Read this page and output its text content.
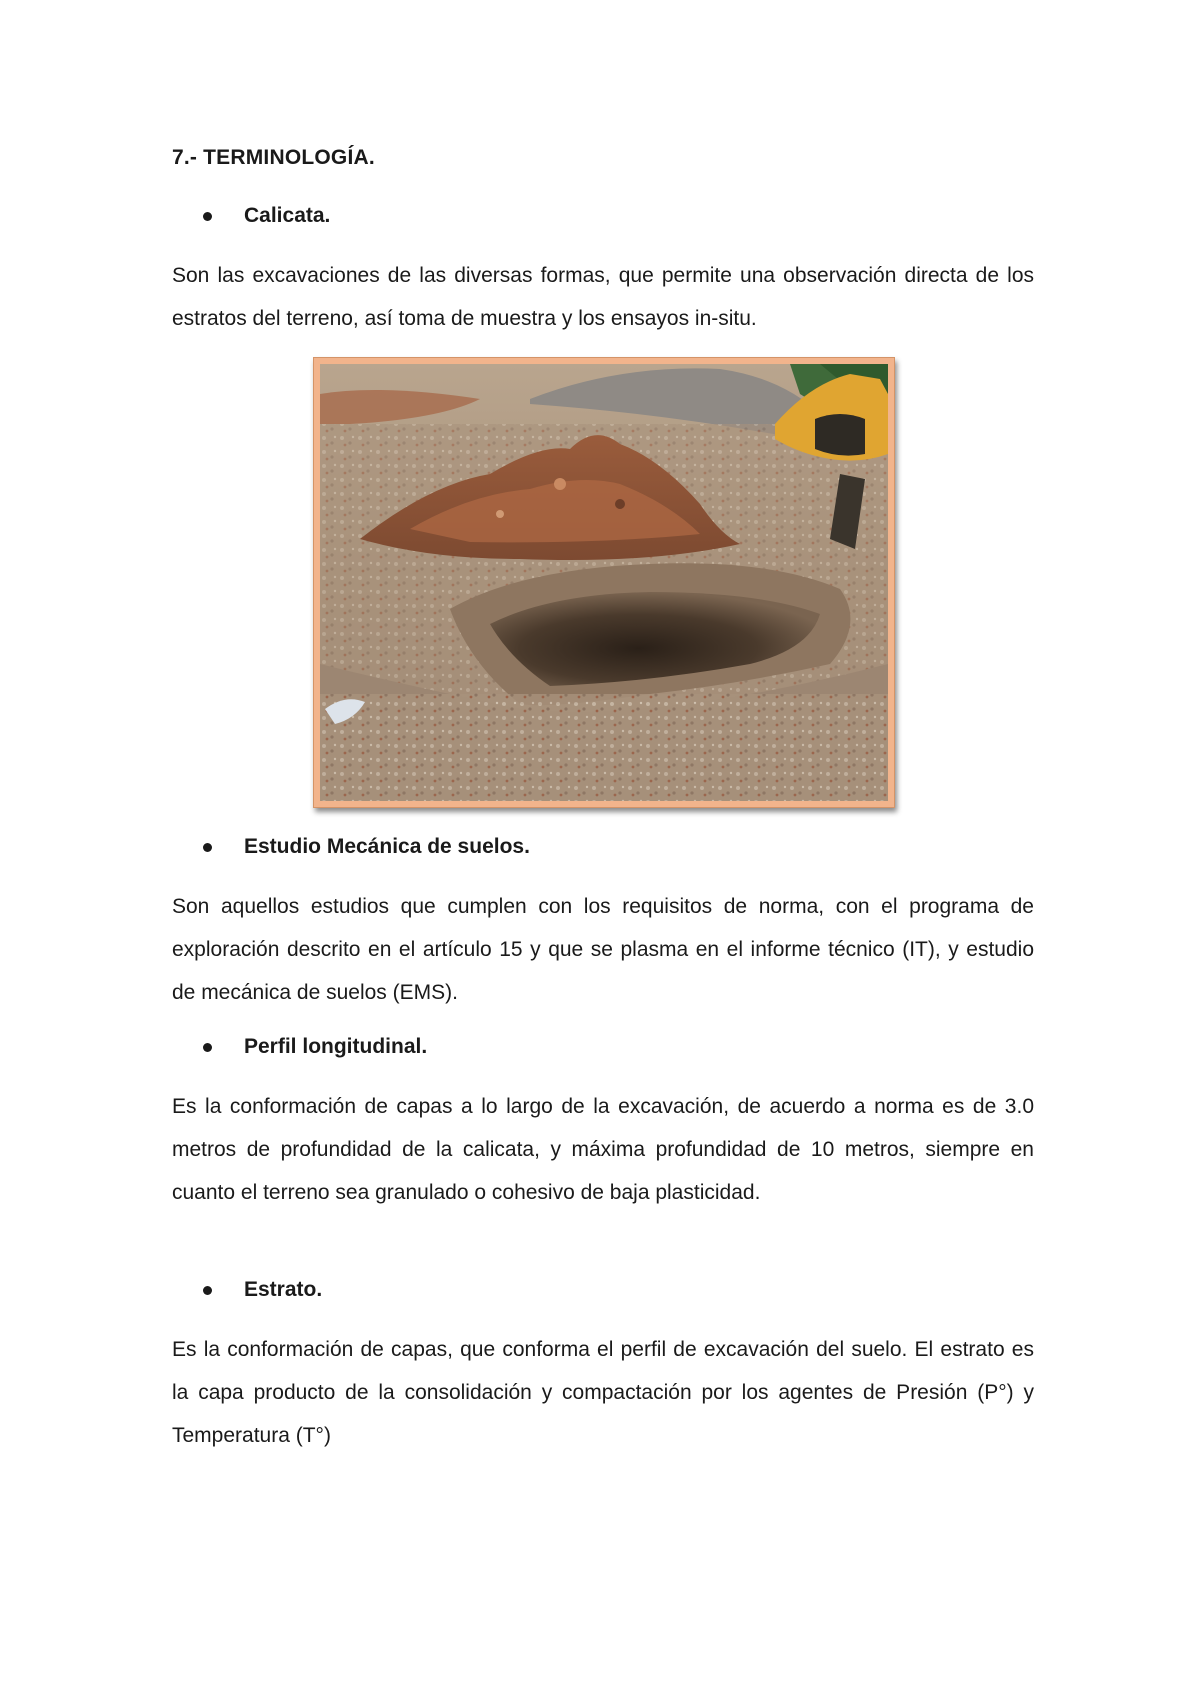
7.- TERMINOLOGÍA.
Calicata.
Son las excavaciones de las diversas formas, que permite una observación directa de los estratos del terreno, así toma de muestra y los ensayos in-situ.
Estudio Mecánica de suelos.
Son aquellos estudios que cumplen con los requisitos de norma, con el programa de exploración descrito en el artículo 15 y que se plasma en el informe técnico (IT), y estudio de mecánica de suelos (EMS).
Perfil longitudinal.
Es la conformación de capas a lo largo de la excavación, de acuerdo a norma es de 3.0 metros de profundidad de la calicata, y máxima profundidad de 10 metros, siempre en cuanto el terreno sea granulado o cohesivo de baja plasticidad.
Estrato.
Es la conformación de capas, que conforma el perfil de excavación del suelo. El estrato es la capa producto de la consolidación y compactación por los agentes de Presión (P°) y Temperatura (T°)
